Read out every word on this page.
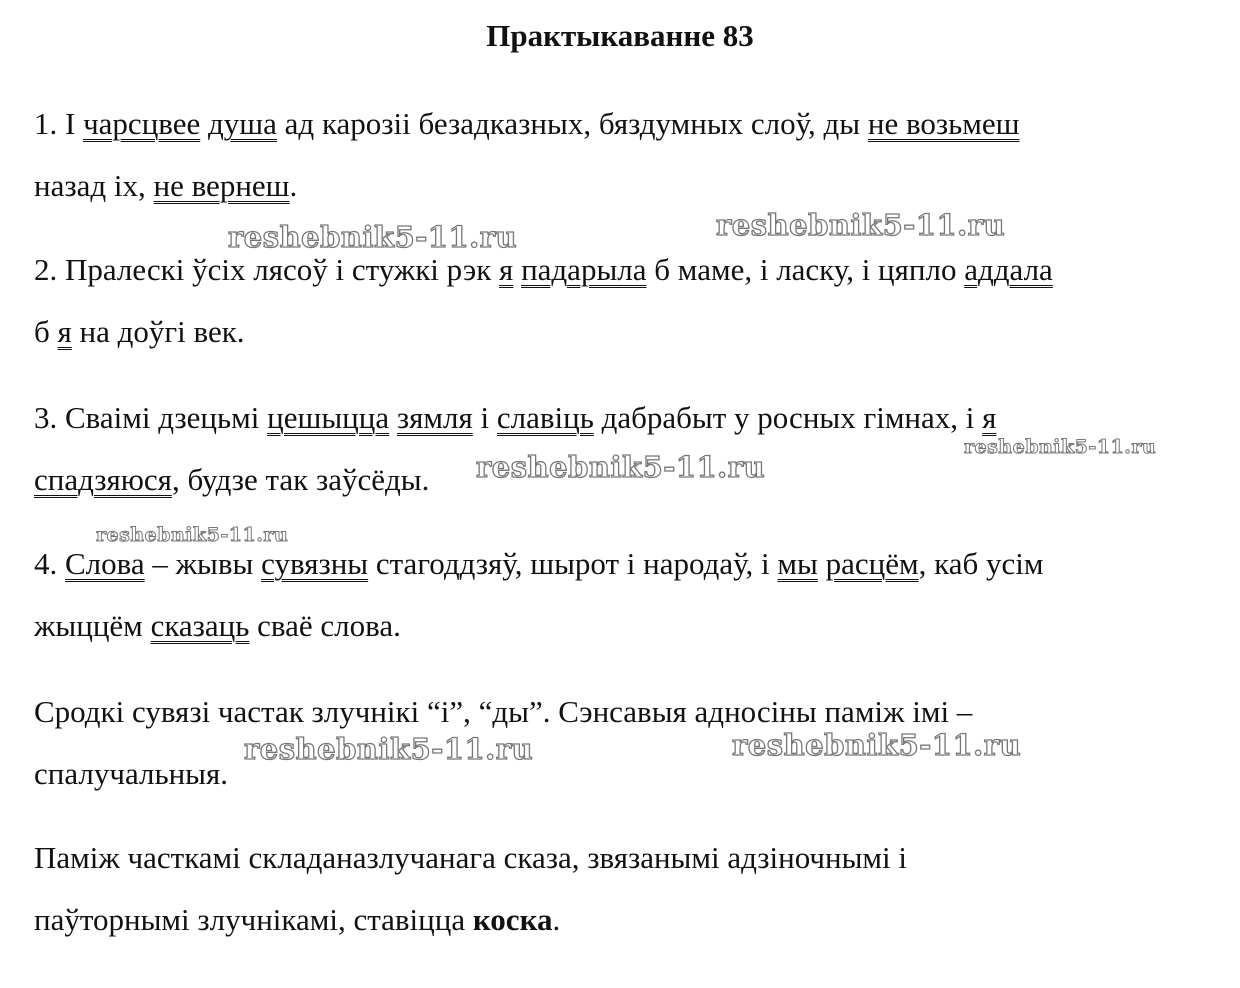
Практыкаванне 83
1. І чарсцвее душа ад карозіі безадказных, бяздумных слоў, ды не возьмеш
назад іх, не вернеш.
2. Пралескі ўсіх лясоў і стужкі рэк я падарыла б маме, і ласку, і цяпло аддала
б я на доўгі век.
3. Сваімі дзецьмі цешыцца зямля і славіць дабрабыт у росных гімнах, і я
спадзяюся, будзе так заўсёды.
4. Слова – жывы сувязны стагоддзяў, шырот і народаў, і мы расцём, каб усім
жыццём сказаць сваё слова.
Сродкі сувязі частак злучнікі “і”, “ды”. Сэнсавыя адносіны паміж імі –
спалучальныя.
Паміж часткамі складаназлучанага сказа, звязанымі адзіночнымі і
паўторнымі злучнікамі, ставіцца коска.
reshebnik5-11.ru	reshebnik5-11.ru
reshebnik5-11.ru
reshebnik5-11.ru
reshebnik5-11.ru
reshebnik5-11.ru	reshebnik5-11.ru
